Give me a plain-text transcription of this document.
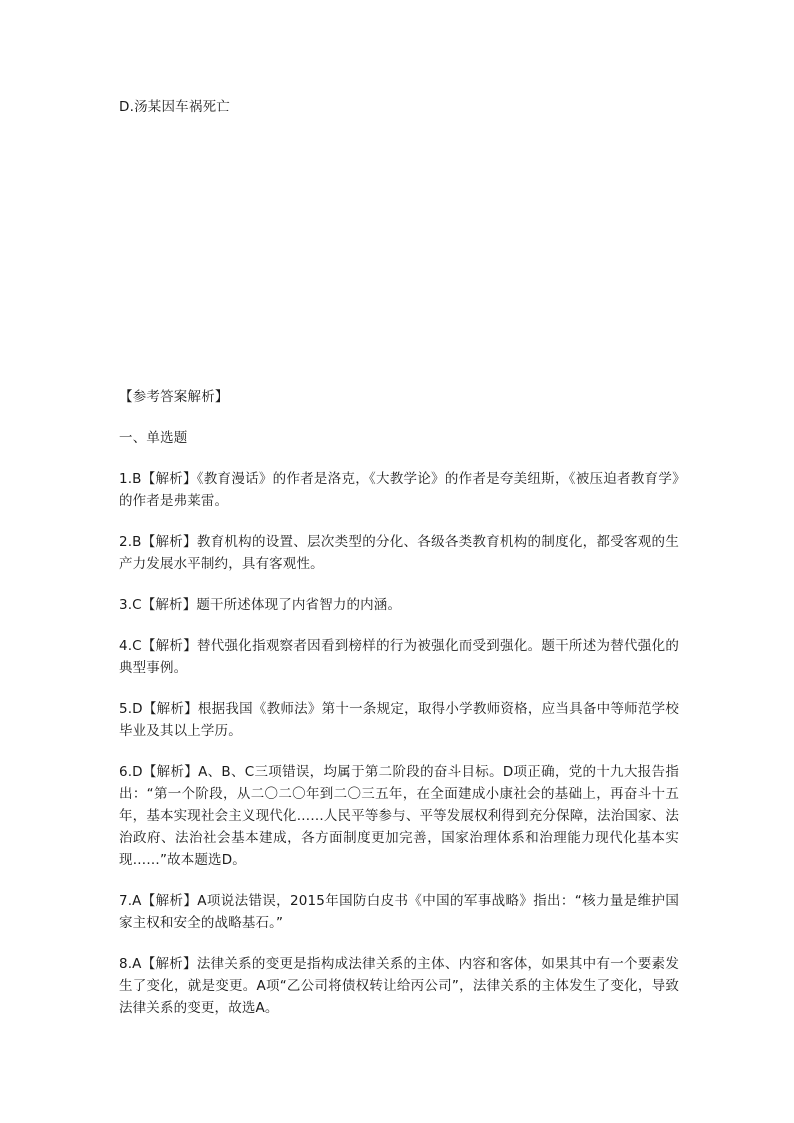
D.汤某因车祸死亡
【参考答案解析】
一、单选题
1.B【解析】《教育漫话》的作者是洛克，《大教学论》的作者是夸美纽斯，《被压迫者教育学》的作者是弗莱雷。
2.B【解析】教育机构的设置、层次类型的分化、各级各类教育机构的制度化，都受客观的生产力发展水平制约，具有客观性。
3.C【解析】题干所述体现了内省智力的内涵。
4.C【解析】替代强化指观察者因看到榜样的行为被强化而受到强化。题干所述为替代强化的典型事例。
5.D【解析】根据我国《教师法》第十一条规定，取得小学教师资格，应当具备中等师范学校毕业及其以上学历。
6.D【解析】A、B、C三项错误，均属于第二阶段的奋斗目标。D项正确，党的十九大报告指出：“第一个阶段，从二〇二〇年到二〇三五年，在全面建成小康社会的基础上，再奋斗十五年，基本实现社会主义现代化……人民平等参与、平等发展权利得到充分保障，法治国家、法治政府、法治社会基本建成，各方面制度更加完善，国家治理体系和治理能力现代化基本实现……”故本题选D。
7.A【解析】A项说法错误，2015年国防白皮书《中国的军事战略》指出：“核力量是维护国家主权和安全的战略基石。”
8.A【解析】法律关系的变更是指构成法律关系的主体、内容和客体，如果其中有一个要素发生了变化，就是变更。A项“乙公司将债权转让给丙公司”，法律关系的主体发生了变化，导致法律关系的变更，故选A。
